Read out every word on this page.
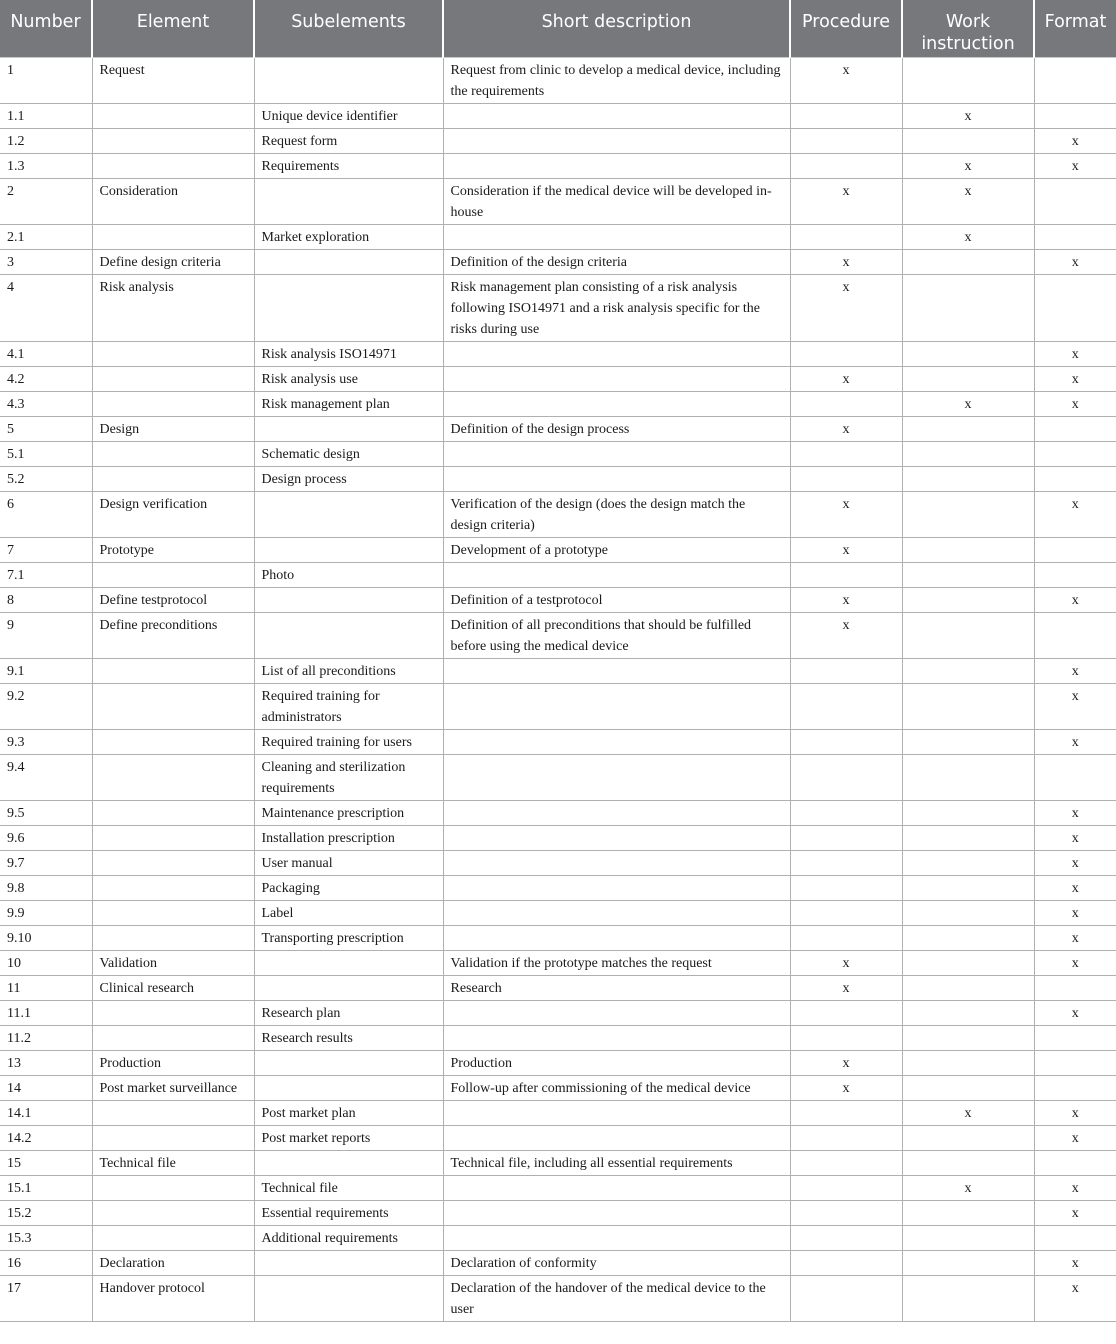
Number	Element	Subelements	Short description	Procedure	Work instruction	Format
1	Request		Request from clinic to develop a medical device, including the requirements	x		
1.1		Unique device identifier			x	
1.2		Request form				x
1.3		Requirements			x	x
2	Consideration		Consideration if the medical device will be developed in-house	x	x	
2.1		Market exploration			x	
3	Define design criteria		Definition of the design criteria	x		x
4	Risk analysis		Risk management plan consisting of a risk analysis following ISO14971 and a risk analysis specific for the risks during use	x		
4.1		Risk analysis ISO14971				x
4.2		Risk analysis use		x		x
4.3		Risk management plan			x	x
5	Design		Definition of the design process	x		
5.1		Schematic design				
5.2		Design process				
6	Design verification		Verification of the design (does the design match the design criteria)	x		x
7	Prototype		Development of a prototype	x		
7.1		Photo				
8	Define testprotocol		Definition of a testprotocol	x		x
9	Define preconditions		Definition of all preconditions that should be fulfilled before using the medical device	x		
9.1		List of all preconditions				x
9.2		Required training for administrators				x
9.3		Required training for users				x
9.4		Cleaning and sterilization requirements				
9.5		Maintenance prescription				x
9.6		Installation prescription				x
9.7		User manual				x
9.8		Packaging				x
9.9		Label				x
9.10		Transporting prescription				x
10	Validation		Validation if the prototype matches the request	x		x
11	Clinical research		Research	x		
11.1		Research plan				x
11.2		Research results				
13	Production		Production	x		
14	Post market surveillance		Follow-up after commissioning of the medical device	x		
14.1		Post market plan			x	x
14.2		Post market reports				x
15	Technical file		Technical file, including all essential requirements			
15.1		Technical file			x	x
15.2		Essential requirements				x
15.3		Additional requirements				
16	Declaration		Declaration of conformity			x
17	Handover protocol		Declaration of the handover of the medical device to the user			x
